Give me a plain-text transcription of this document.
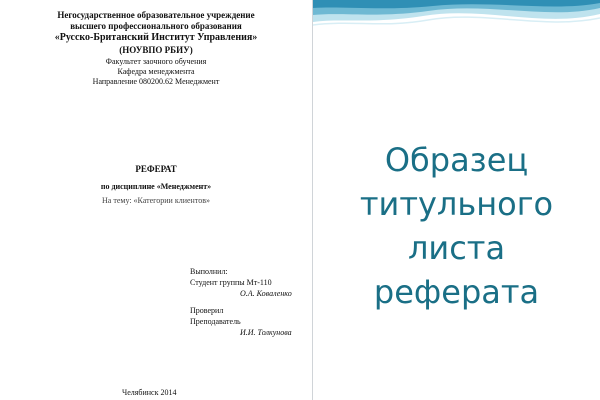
Негосударственное образовательное учреждение
высшего профессионального образования
«Русско-Британский Институт Управления»
(НОУВПО РБИУ)
Факультет заочного обучения
Кафедра менеджмента
Направление 080200.62 Менеджмент
РЕФЕРАТ
по дисциплине «Менеджмент»
На тему: «Категории клиентов»
Выполнил:
Студент группы Мт-110
О.А. Коваленко
Проверил
Преподаватель
И.И. Толкунова
Челябинск 2014
Образец
титульного
листа
реферата
